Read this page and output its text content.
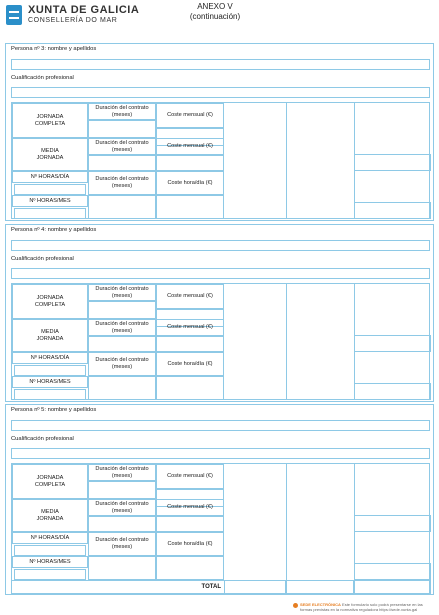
XUNTA DE GALICIA
CONSELLERÍA DO MAR
ANEXO V
(continuación)
Persona nº 3: nombre y apellidos
Cualificación profesional
JORNADA
COMPLETA
MEDIA
JORNADA
Nº HORAS/DÍA
Nº HORAS/MES
Duración del contrato
(meses)
Duración del contrato
(meses)
Duración del contrato
(meses)
Coste mensual (€)
Coste mensual (€)
Coste hora/día (€)
Persona nº 4: nombre y apellidos
Cualificación profesional
JORNADA
COMPLETA
MEDIA
JORNADA
Nº HORAS/DÍA
Nº HORAS/MES
Duración del contrato
(meses)
Duración del contrato
(meses)
Duración del contrato
(meses)
Coste mensual (€)
Coste mensual (€)
Coste hora/día (€)
Persona nº 5: nombre y apellidos
Cualificación profesional
JORNADA
COMPLETA
MEDIA
JORNADA
Nº HORAS/DÍA
Nº HORAS/MES
Duración del contrato
(meses)
Duración del contrato
(meses)
Duración del contrato
(meses)
Coste mensual (€)
Coste mensual (€)
Coste hora/día (€)
TOTAL
SEDE ELECTRÓNICA Este formulario solo podrá presentarse en las formas previstas en la normativa reguladora https://sede.xunta.gal
